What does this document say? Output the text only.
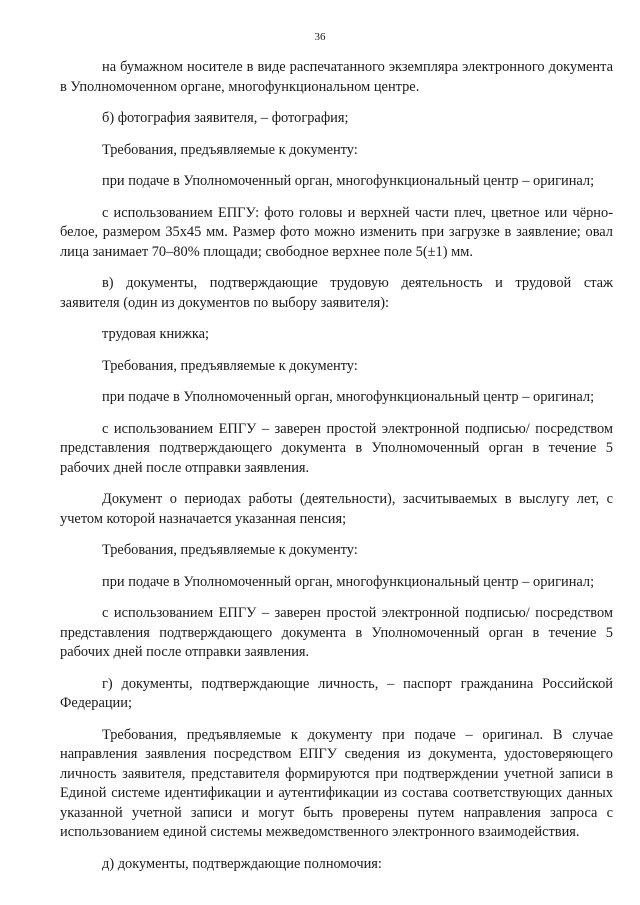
36

на бумажном носителе в виде распечатанного экземпляра электронного документа в Уполномоченном органе, многофункциональном центре.

б) фотография заявителя, – фотография;

Требования, предъявляемые к документу:

при подаче в Уполномоченный орган, многофункциональный центр – оригинал;

с использованием ЕПГУ: фото головы и верхней части плеч, цветное или чёрно-белое, размером 35х45 мм. Размер фото можно изменить при загрузке в заявление; овал лица занимает 70–80% площади; свободное верхнее поле 5(±1) мм.

в) документы, подтверждающие трудовую деятельность и трудовой стаж заявителя (один из документов по выбору заявителя):

трудовая книжка;

Требования, предъявляемые к документу:

при подаче в Уполномоченный орган, многофункциональный центр – оригинал;

с использованием ЕПГУ – заверен простой электронной подписью/ посредством представления подтверждающего документа в Уполномоченный орган в течение 5 рабочих дней после отправки заявления.

Документ о периодах работы (деятельности), засчитываемых в выслугу лет, с учетом которой назначается указанная пенсия;

Требования, предъявляемые к документу:

при подаче в Уполномоченный орган, многофункциональный центр – оригинал;

с использованием ЕПГУ – заверен простой электронной подписью/ посредством представления подтверждающего документа в Уполномоченный орган в течение 5 рабочих дней после отправки заявления.

г) документы, подтверждающие личность, – паспорт гражданина Российской Федерации;

Требования, предъявляемые к документу при подаче – оригинал. В случае направления заявления посредством ЕПГУ сведения из документа, удостоверяющего личность заявителя, представителя формируются при подтверждении учетной записи в Единой системе идентификации и аутентификации из состава соответствующих данных указанной учетной записи и могут быть проверены путем направления запроса с использованием единой системы межведомственного электронного взаимодействия.

д) документы, подтверждающие полномочия:
